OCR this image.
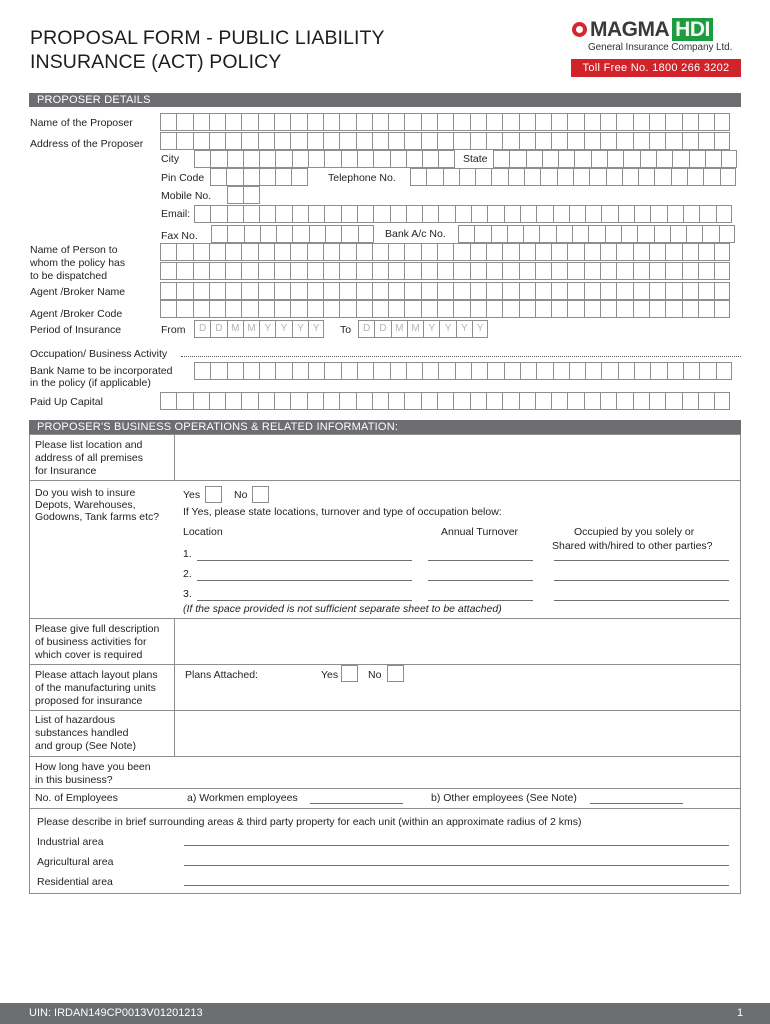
PROPOSAL FORM - PUBLIC LIABILITY
INSURANCE (ACT) POLICY
MAGMA HDI
General Insurance Company Ltd.
Toll Free No. 1800 266 3202
PROPOSER DETAILS
Name of the Proposer
Address of the Proposer
City	State
Pin Code	Telephone No.
Mobile No.
Email:
Fax No.	Bank A/c No.
Name of Person to
whom the policy has
to be dispatched
Agent /Broker Name
Agent /Broker Code
Period of Insurance	From	D D M M Y Y Y Y	To	D D M M Y Y Y Y
Occupation/ Business Activity
Bank Name to be incorporated
in the policy (if applicable)
Paid Up Capital
PROPOSER'S BUSINESS OPERATIONS & RELATED INFORMATION:
Please list location and
address of all premises
for Insurance
Do you wish to insure
Depots, Warehouses,
Godowns, Tank farms etc?
Yes	No
If Yes, please state locations, turnover and type of occupation below:
Location	Annual Turnover	Occupied by you solely or
Shared with/hired to other parties?
1.
2.
3.
(If the space provided is not sufficient separate sheet to be attached)
Please give full description
of business activities for
which cover is required
Please attach layout plans
of the manufacturing units
proposed for insurance
Plans Attached:	Yes	No
List of hazardous
substances handled
and group (See Note)
How long have you been
in this business?
No. of Employees	a) Workmen employees	b) Other employees (See Note)
Please describe in brief surrounding areas & third party property for each unit (within an approximate radius of 2 kms)
Industrial area
Agricultural area
Residential area
UIN: IRDAN149CP0013V01201213	1
